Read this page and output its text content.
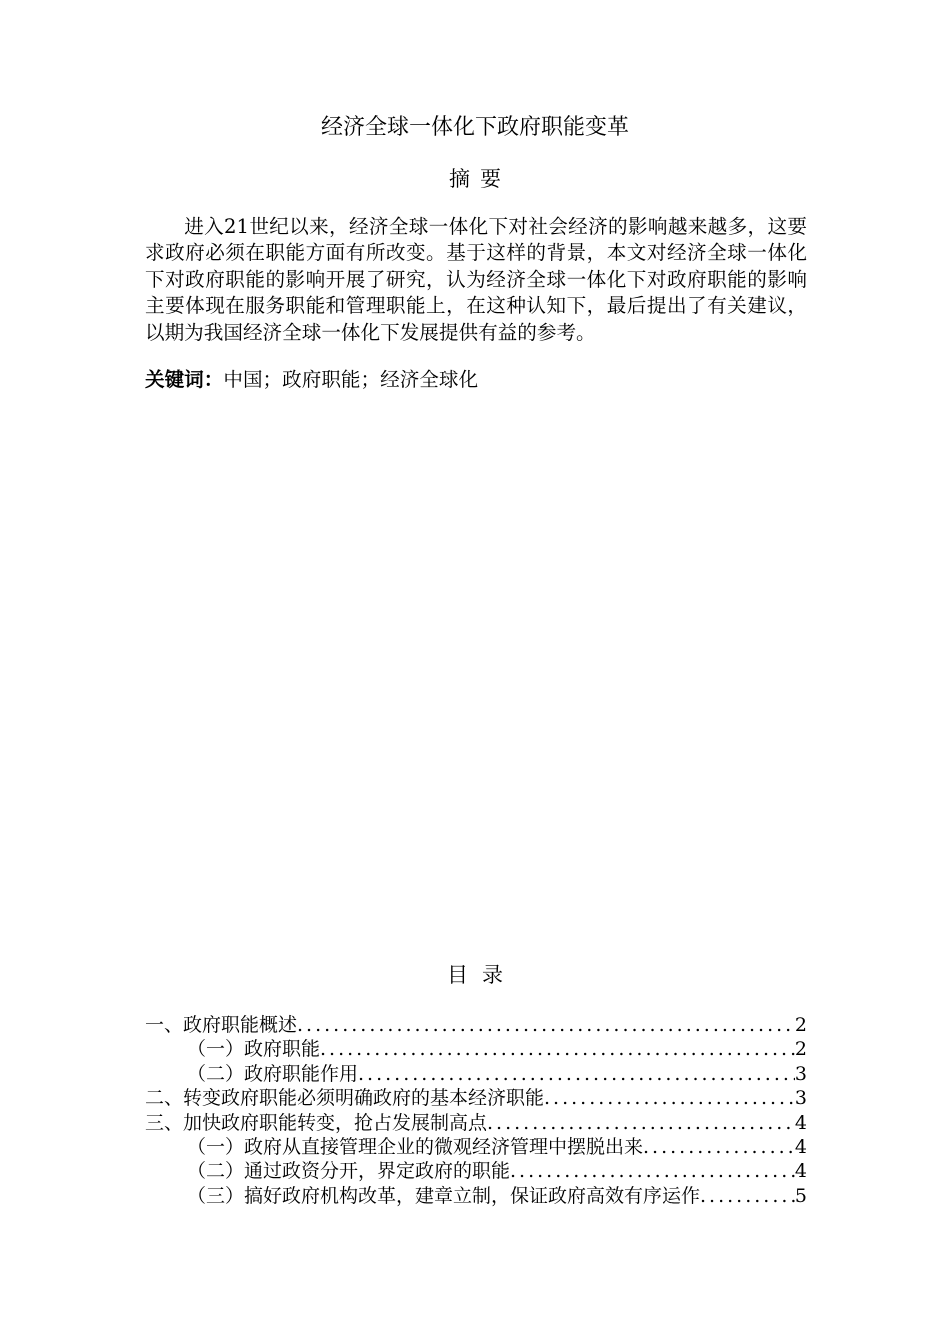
经济全球一体化下政府职能变革
摘要

进入21世纪以来，经济全球一体化下对社会经济的影响越来越多，这要求政府必须在职能方面有所改变。基于这样的背景，本文对经济全球一体化下对政府职能的影响开展了研究，认为经济全球一体化下对政府职能的影响主要体现在服务职能和管理职能上，在这种认知下，最后提出了有关建议，以期为我国经济全球一体化下发展提供有益的参考。

关键词：中国；政府职能；经济全球化
目录
一、政府职能概述 .....	2
（一）政府职能 .....	2
（二）政府职能作用 .....	3
二、转变政府职能必须明确政府的基本经济职能 .....	3
三、加快政府职能转变，抢占发展制高点 .....	4
（一）政府从直接管理企业的微观经济管理中摆脱出来 .....	4
（二）通过政资分开，界定政府的职能 .....	4
（三）搞好政府机构改革，建章立制，保证政府高效有序运作 .....	5
